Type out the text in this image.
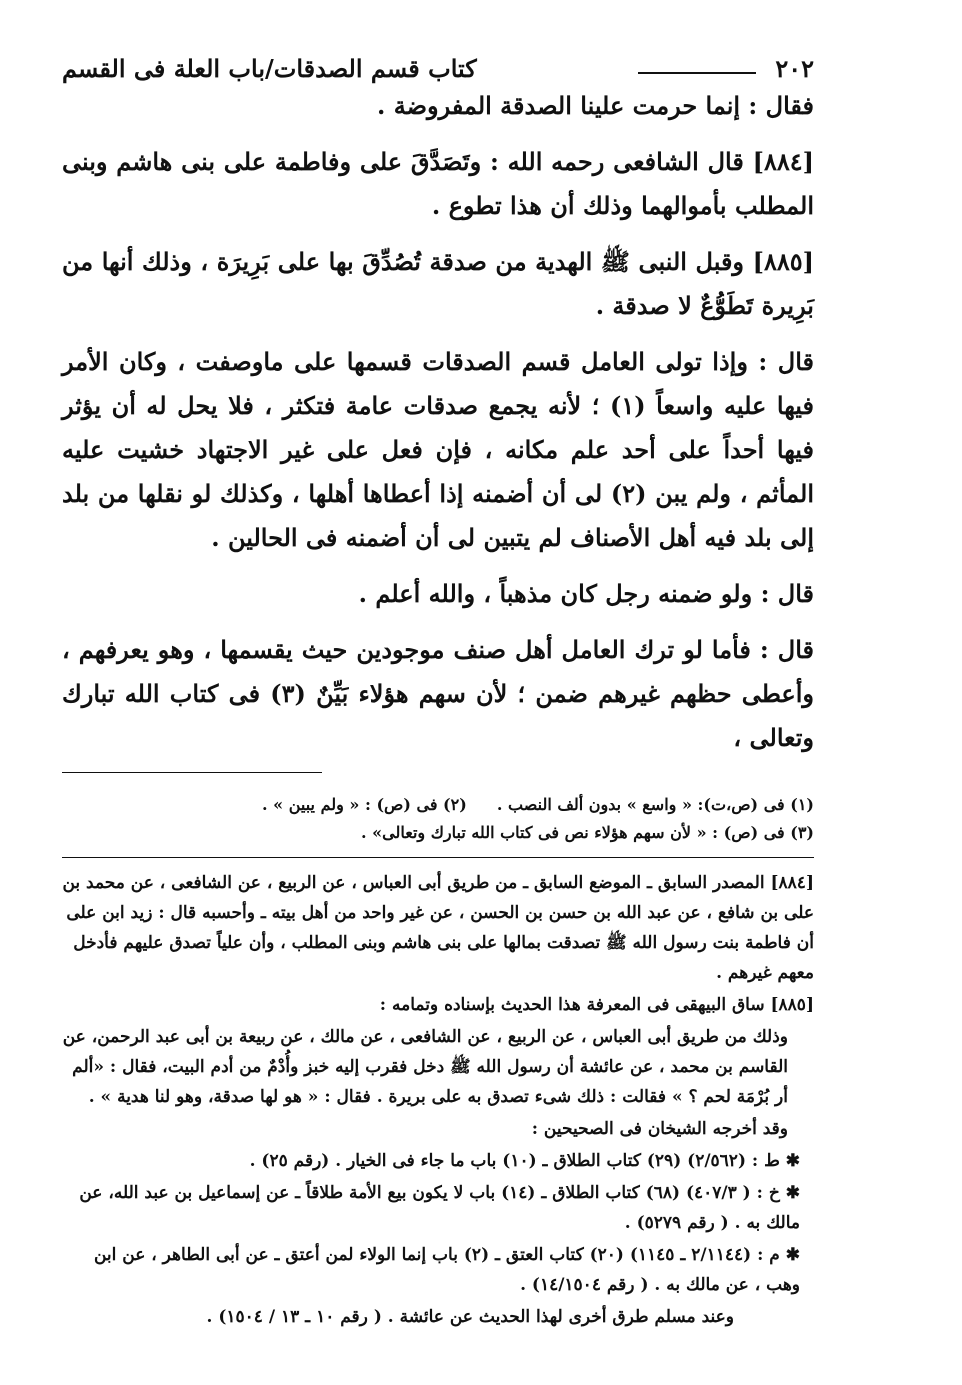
٢٠٢
كتاب قسم الصدقات/باب العلة فى القسم

فقال : إنما حرمت علينا الصدقة المفروضة .

[٨٨٤] قال الشافعى رحمه الله : وتَصَدَّقَ على وفاطمة على بنى هاشم وبنى المطلب بأموالهما وذلك أن هذا تطوع .

[٨٨٥] وقبل النبى ﷺ الهدية من صدقة تُصُدِّقَ بها على بَرِيرَة ، وذلك أنها من بَرِيرة تَطَوُّعٌ لا صدقة .

قال : وإذا تولى العامل قسم الصدقات قسمها على ماوصفت ، وكان الأمر فيها عليه واسعاً (١) ؛ لأنه يجمع صدقات عامة فتكثر ، فلا يحل له أن يؤثر فيها أحداً على أحد علم مكانه ، فإن فعل على غير الاجتهاد خشيت عليه المأثم ، ولم يبن (٢) لى أن أضمنه إذا أعطاها أهلها ، وكذلك لو نقلها من بلد إلى بلد فيه أهل الأصناف لم يتبين لى أن أضمنه فى الحالين .

قال : ولو ضمنه رجل كان مذهباً ، والله أعلم .

قال : فأما لو ترك العامل أهل صنف موجودين حيث يقسمها ، وهو يعرفهم ، وأعطى حظهم غيرهم ضمن ؛ لأن سهم هؤلاء بَيِّنٌ (٣) فى كتاب الله تبارك وتعالى ،

(١) فى (ص،ت): « واسع » بدون ألف النصب .
(٢) فى (ص) : « ولم يبين » .
(٣) فى (ص) : « لأن سهم هؤلاء نص فى كتاب الله تبارك وتعالى» .
[٨٨٤] المصدر السابق ـ الموضع السابق ـ من طريق أبى العباس ، عن الربيع ، عن الشافعى ، عن محمد بن على بن شافع ، عن عبد الله بن حسن بن الحسن ، عن غير واحد من أهل بيته ـ وأحسبه قال : زيد ابن على أن فاطمة بنت رسول الله ﷺ تصدقت بمالها على بنى هاشم وبنى المطلب ، وأن علياً تصدق عليهم فأدخل معهم غيرهم .
[٨٨٥] ساق البيهقى فى المعرفة هذا الحديث بإسناده وتمامه :
وذلك من طريق أبى العباس ، عن الربيع ، عن الشافعى ، عن مالك ، عن ربيعة بن أبى عبد الرحمن، عن القاسم بن محمد ، عن عائشة أن رسول الله ﷺ دخل فقرب إليه خبز وأُدْمٌ من أدم البيت، فقال : «ألم أر بُرْمَة لحم ؟ » فقالت : ذلك شىء تصدق به على بريرة . فقال : « هو لها صدقة، وهو لنا هدية » .
وقد أخرجه الشيخان فى الصحيحين :
✱ ط : (٢/٥٦٢) (٢٩) كتاب الطلاق ـ (١٠) باب ما جاء فى الخيار . (رقم ٢٥) .
✱ خ : ( ٤٠٧/٣) (٦٨) كتاب الطلاق ـ (١٤) باب لا يكون بيع الأمة طلاقاً ـ عن إسماعيل بن عبد الله، عن مالك به . ( رقم ٥٢٧٩) .
✱ م : (٢/١١٤٤ ـ ١١٤٥) (٢٠) كتاب العتق ـ (٢) باب إنما الولاء لمن أعتق ـ عن أبى الطاهر ، عن ابن وهب ، عن مالك به . ( رقم ١٤/١٥٠٤) .
وعند مسلم طرق أخرى لهذا الحديث عن عائشة . ( رقم ١٠ ـ ١٣ / ١٥٠٤) .
